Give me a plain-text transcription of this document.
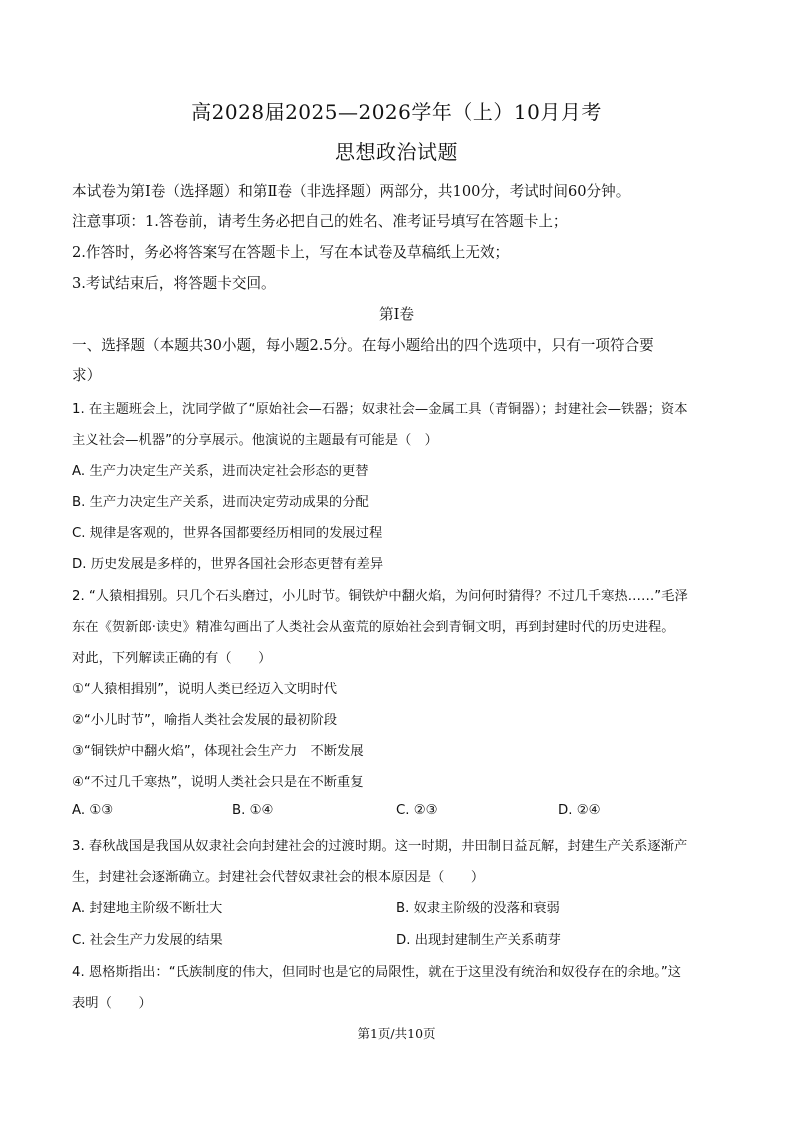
高2028届2025—2026学年（上）10月月考
思想政治试题
本试卷为第Ⅰ卷（选择题）和第Ⅱ卷（非选择题）两部分，共100分，考试时间60分钟。
注意事项：1.答卷前，请考生务必把自己的姓名、准考证号填写在答题卡上；
2.作答时，务必将答案写在答题卡上，写在本试卷及草稿纸上无效；
3.考试结束后，将答题卡交回。
第Ⅰ卷
一、选择题（本题共30小题，每小题2.5分。在每小题给出的四个选项中，只有一项符合要
求）
1. 在主题班会上，沈同学做了“原始社会—石器；奴隶社会—金属工具（青铜器）；封建社会—铁器；资本
主义社会—机器”的分享展示。他演说的主题最有可能是（　）
A. 生产力决定生产关系，进而决定社会形态的更替
B. 生产力决定生产关系，进而决定劳动成果的分配
C. 规律是客观的，世界各国都要经历相同的发展过程
D. 历史发展是多样的，世界各国社会形态更替有差异
2. “人猿相揖别。只几个石头磨过，小儿时节。铜铁炉中翻火焰，为问何时猜得？不过几千寒热……”毛泽
东在《贺新郎·读史》精准勾画出了人类社会从蛮荒的原始社会到青铜文明，再到封建时代的历史进程。
对此，下列解读正确的有（　　）
①“人猿相揖别”，说明人类已经迈入文明时代
②“小儿时节”，喻指人类社会发展的最初阶段
③“铜铁炉中翻火焰”，体现社会生产力　不断发展
④“不过几千寒热”，说明人类社会只是在不断重复
A. ①③	B. ①④	C. ②③	D. ②④
3. 春秋战国是我国从奴隶社会向封建社会的过渡时期。这一时期，井田制日益瓦解，封建生产关系逐渐产
生，封建社会逐渐确立。封建社会代替奴隶社会的根本原因是（　　）
A. 封建地主阶级不断壮大	B. 奴隶主阶级的没落和衰弱
C. 社会生产力发展的结果	D. 出现封建制生产关系萌芽
4. 恩格斯指出：“氏族制度的伟大，但同时也是它的局限性，就在于这里没有统治和奴役存在的余地。”这
表明（　　）
第1页/共10页
